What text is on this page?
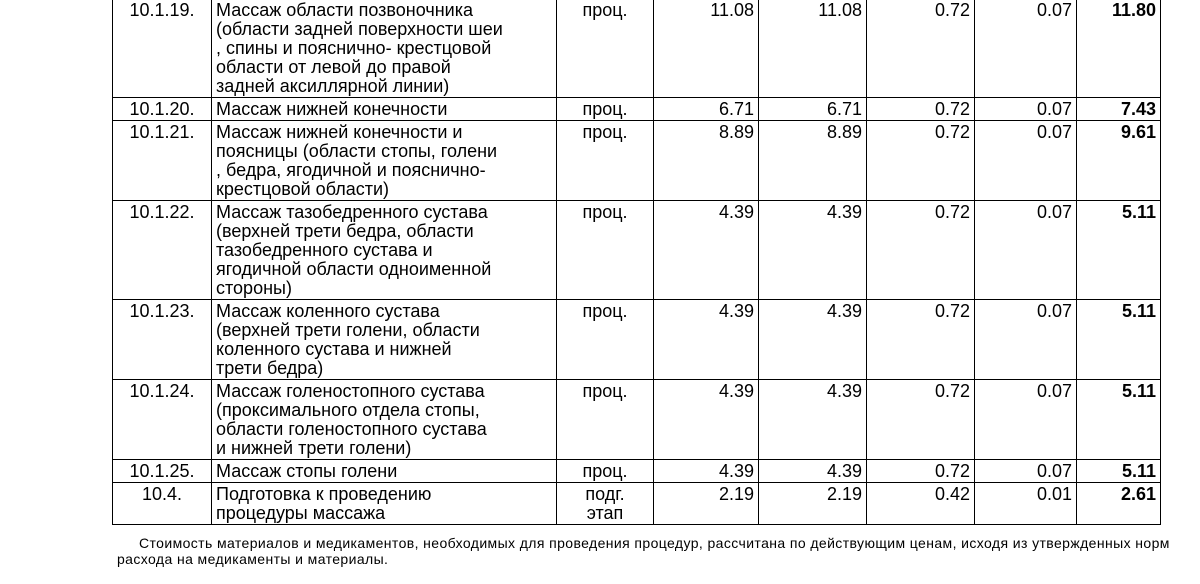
10.1.19.	Массаж области позвоночника
(области задней поверхности шеи
, спины и пояснично- крестцовой
области от левой до правой
задней аксиллярной линии)	проц.	11.08	11.08	0.72	0.07	11.80
10.1.20.	Массаж нижней конечности	проц.	6.71	6.71	0.72	0.07	7.43
10.1.21.	Массаж нижней конечности и
поясницы (области стопы, голени
, бедра, ягодичной и пояснично-
крестцовой области)	проц.	8.89	8.89	0.72	0.07	9.61
10.1.22.	Массаж тазобедренного сустава
(верхней трети бедра, области
тазобедренного сустава и
ягодичной области одноименной
стороны)	проц.	4.39	4.39	0.72	0.07	5.11
10.1.23.	Массаж коленного сустава
(верхней трети голени, области
коленного сустава и нижней
трети бедра)	проц.	4.39	4.39	0.72	0.07	5.11
10.1.24.	Массаж голеностопного сустава
(проксимального отдела стопы,
области голеностопного сустава
и нижней трети голени)	проц.	4.39	4.39	0.72	0.07	5.11
10.1.25.	Массаж стопы голени	проц.	4.39	4.39	0.72	0.07	5.11
10.4.	Подготовка к проведению
процедуры массажа	подг.
этап	2.19	2.19	0.42	0.01	2.61
Стоимость материалов и медикаментов, необходимых для проведения процедур, рассчитана по действующим ценам, исходя из утвержденных норм расхода на медикаменты и материалы.
